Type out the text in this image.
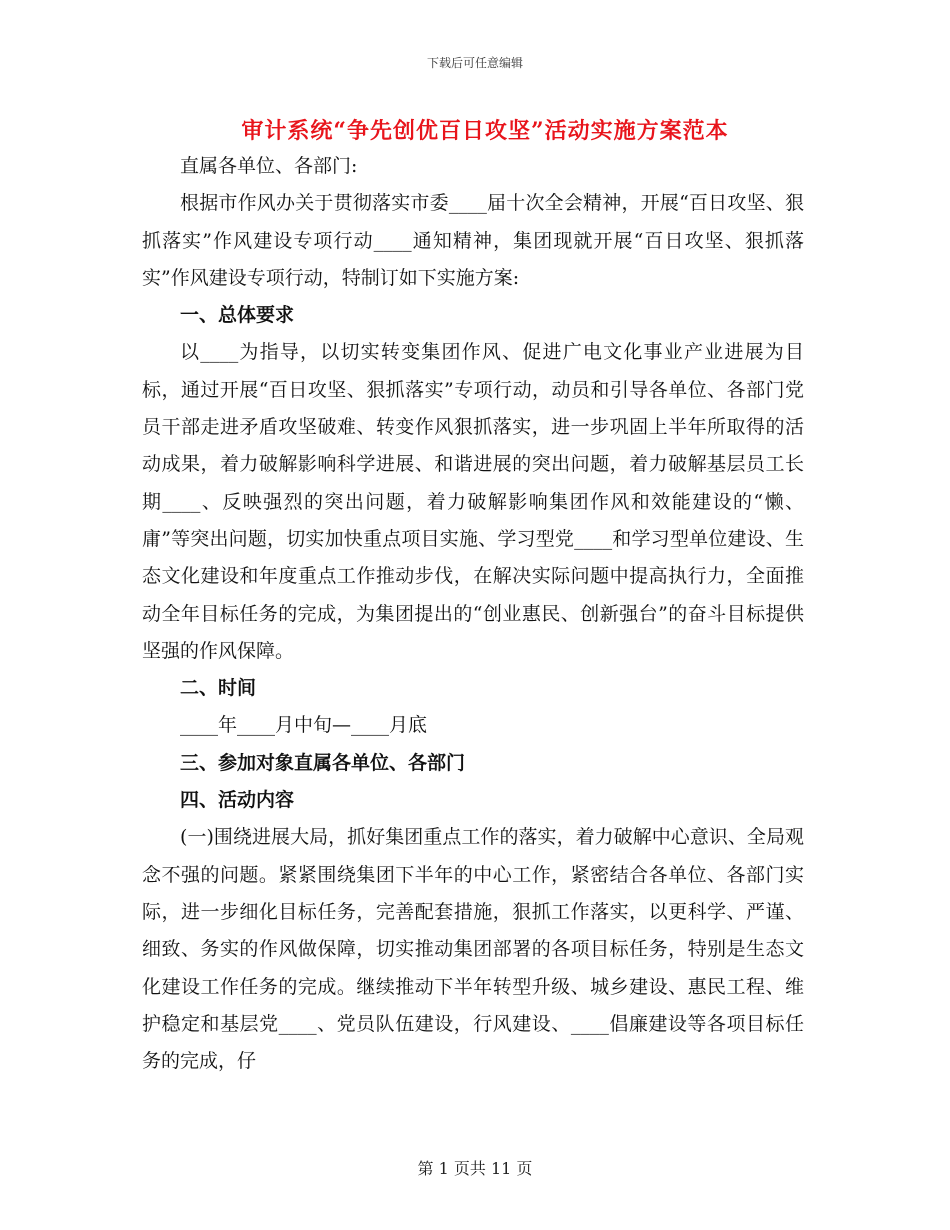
下载后可任意编辑
审计系统“争先创优百日攻坚”活动实施方案范本

直属各单位、各部门:

根据市作风办关于贯彻落实市委____届十次全会精神，开展“百日攻坚、狠抓落实”作风建设专项行动____通知精神，集团现就开展“百日攻坚、狠抓落实”作风建设专项行动，特制订如下实施方案:

一、总体要求

以____为指导，以切实转变集团作风、促进广电文化事业产业进展为目标，通过开展“百日攻坚、狠抓落实”专项行动，动员和引导各单位、各部门党员干部走进矛盾攻坚破难、转变作风狠抓落实，进一步巩固上半年所取得的活动成果，着力破解影响科学进展、和谐进展的突出问题，着力破解基层员工长期____、反映强烈的突出问题，着力破解影响集团作风和效能建设的“懒、庸”等突出问题，切实加快重点项目实施、学习型党____和学习型单位建设、生态文化建设和年度重点工作推动步伐，在解决实际问题中提高执行力，全面推动全年目标任务的完成，为集团提出的“创业惠民、创新强台”的奋斗目标提供坚强的作风保障。

二、时间

____年____月中旬—____月底

三、参加对象直属各单位、各部门

四、活动内容

(一)围绕进展大局，抓好集团重点工作的落实，着力破解中心意识、全局观念不强的问题。紧紧围绕集团下半年的中心工作，紧密结合各单位、各部门实际，进一步细化目标任务，完善配套措施，狠抓工作落实，以更科学、严谨、细致、务实的作风做保障，切实推动集团部署的各项目标任务，特别是生态文化建设工作任务的完成。继续推动下半年转型升级、城乡建设、惠民工程、维护稳定和基层党____、党员队伍建设，行风建设、____倡廉建设等各项目标任务的完成，仔

第 1 页共 11 页
